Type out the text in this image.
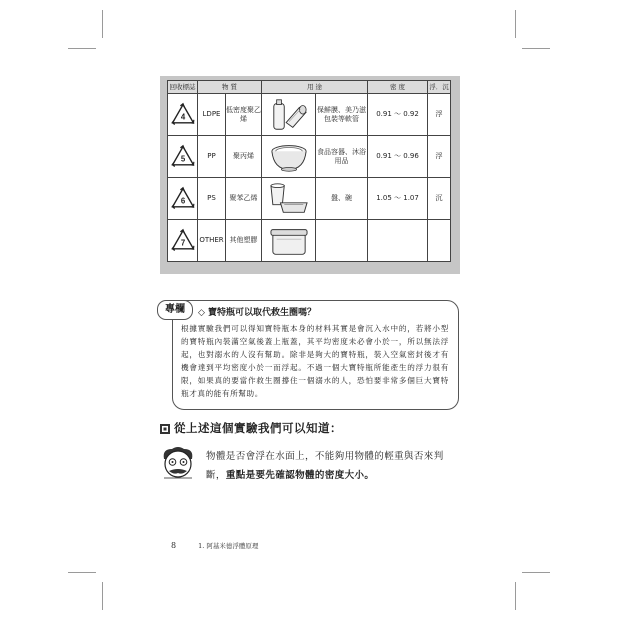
回收標誌	物 質		用 途		密 度	浮．沉

4	LDPE	低密度聚乙烯		保鮮膜、美乃滋包裝等軟管	0.91 ～ 0.92	浮

5	PP	聚丙烯		食品容器、沐浴用品	0.91 ～ 0.96	浮

6	PS	聚苯乙烯		盤、碗	1.05 ～ 1.07	沉

7	OTHER	其他塑膠	

專欄	◇ 寶特瓶可以取代救生圈嗎？
根據實驗我們可以得知寶特瓶本身的材料其實是會沉入水中的，若將小型的寶特瓶內裝滿空氣後蓋上瓶蓋，其平均密度未必會小於一，所以無法浮起，也對溺水的人沒有幫助。除非是夠大的寶特瓶，裝入空氣密封後才有機會達到平均密度小於一而浮起。不過一個大寶特瓶所能產生的浮力很有限，如果真的要當作救生圈撐住一個溺水的人，恐怕要非常多個巨大寶特瓶才真的能有所幫助。
從上述這個實驗我們可以知道：
物體是否會浮在水面上，不能夠用物體的輕重與否來判斷，重點是要先確認物體的密度大小。
8	1. 阿基米德浮體原理
